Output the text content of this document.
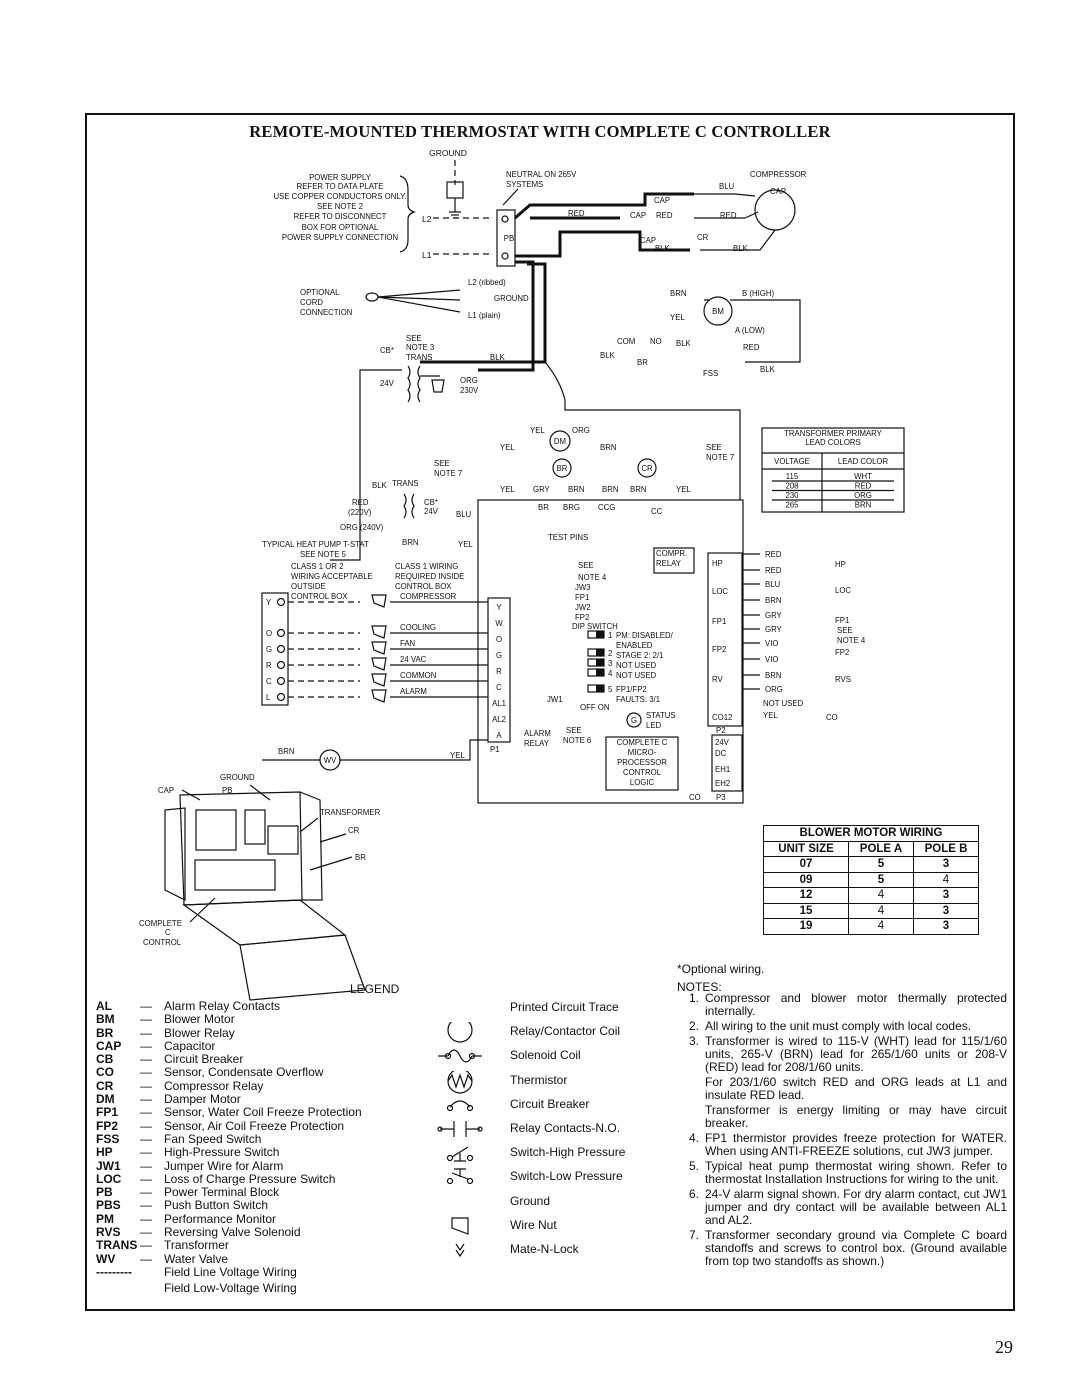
REMOTE-MOUNTED THERMOSTAT WITH COMPLETE C CONTROLLER
GROUND
POWER SUPPLY
REFER TO DATA PLATE
USE COPPER CONDUCTORS ONLY.
SEE NOTE 2
REFER TO DISCONNECT
BOX FOR OPTIONAL
POWER SUPPLY CONNECTION
L2
L1
PB
NEUTRAL ON 265V
SYSTEMS
RED
CAP
CAP RED
CR
CAP
BLK	BLK
RED
BLU
COMPRESSOR
CAP
BM
BRN
YEL
B (HIGH)
A (LOW)
RED
BLK
FSS
COM NO BLK
BLK
BR
OPTIONAL
CORD
CONNECTION
L2 (ribbed)
GROUND
L1 (plain)
SEE
NOTE 3
CB*
TRANS	BLK
24V	ORG
230V
DM
BR	CR
YEL	BRN
YEL	ORG
SEE
NOTE 7
SEE
NOTE 7
YEL GRY BRN BRN BRN	YEL
BR BRG CCG	CC
BLK TRANS
RED
(220V)
CB*
24V BLU
ORG (240V)
BRN	YEL
Y
W
O
G
R
C
AL1
AL2
A
P1
TEST PINS
COMPR.
RELAY
SEE
NOTE 4
JW3
FP1
JW2
FP2
DIP SWITCH
PM: DISABLED/
ENABLED
STAGE 2: 2/1
NOT USED
NOT USED
FP1/FP2
FAULTS: 3/1
1
2
3
4
5
OFF ON
JW1
G
STATUS
LED
ALARM
RELAY
SEE
NOTE 6	COMPLETE C
MICRO-
PROCESSOR
CONTROL
LOGIC
HP
LOC
FP1
FP2
RV
CO12
P2
24V
DC
EH1
EH2
CO P3
RED
RED
BLU
BRN
GRY
GRY
VIO
VIO
BRN
ORG
HP
LOC
FP1
SEE
NOTE 4
FP2
RVS
NOT USED
YEL	CO
TYPICAL HEAT PUMP T-STAT
SEE NOTE 5
CLASS 1 OR 2
WIRING ACCEPTABLE
OUTSIDE
CONTROL BOX
CLASS 1 WIRING
REQUIRED INSIDE
CONTROL BOX
Y
COMPRESSOR
O
COOLING
G
FAN
R
24 VAC
C
COMMON
L
ALARM
BRN	YEL
WV
TRANSFORMER PRIMARY
LEAD COLORS
VOLTAGE	LEAD COLOR
115	WHT
208	RED
230	ORG
265	BRN
CAP
GROUND
PB
TRANSFORMER
CR
BR
COMPLETE
C
CONTROL
BLOWER MOTOR WIRING		
UNIT SIZE	POLE A	POLE B
07	5	3
09	5	4
12	4	3
15	4	3
19	4	3
*Optional wiring.
NOTES:
1. Compressor and blower motor thermally protected internally.
2. All wiring to the unit must comply with local codes.
3. Transformer is wired to 115-V (WHT) lead for 115/1/60 units, 265-V (BRN) lead for 265/1/60 units or 208-V (RED) lead for 208/1/60 units.
For 203/1/60 switch RED and ORG leads at L1 and insulate RED lead.
Transformer is energy limiting or may have circuit breaker.
4. FP1 thermistor provides freeze protection for WATER. When using ANTI-FREEZE solutions, cut JW3 jumper.
5. Typical heat pump thermostat wiring shown. Refer to thermostat Installation Instructions for wiring to the unit.
6. 24-V alarm signal shown. For dry alarm contact, cut JW1 jumper and dry contact will be available between AL1 and AL2.
7. Transformer secondary ground via Complete C board standoffs and screws to control box. (Ground available from top two standoffs as shown.)
LEGEND
AL	—	Alarm Relay Contacts
BM	—	Blower Motor
BR	—	Blower Relay
CAP	—	Capacitor
CB	—	Circuit Breaker
CO	—	Sensor, Condensate Overflow
CR	—	Compressor Relay
DM	—	Damper Motor
FP1	—	Sensor, Water Coil Freeze Protection
FP2	—	Sensor, Air Coil Freeze Protection
FSS	—	Fan Speed Switch
HP	—	High-Pressure Switch
JW1	—	Jumper Wire for Alarm
LOC	—	Loss of Charge Pressure Switch
PB	—	Power Terminal Block
PBS	—	Push Button Switch
PM	—	Performance Monitor
RVS	—	Reversing Valve Solenoid
TRANS —	Transformer
WV	—	Water Valve
---------	Field Line Voltage Wiring
Field Low-Voltage Wiring
Printed Circuit Trace
Relay/Contactor Coil
Solenoid Coil
Thermistor
Circuit Breaker
Relay Contacts-N.O.
Switch-High Pressure
Switch-Low Pressure
Ground
Wire Nut
Mate-N-Lock
29
